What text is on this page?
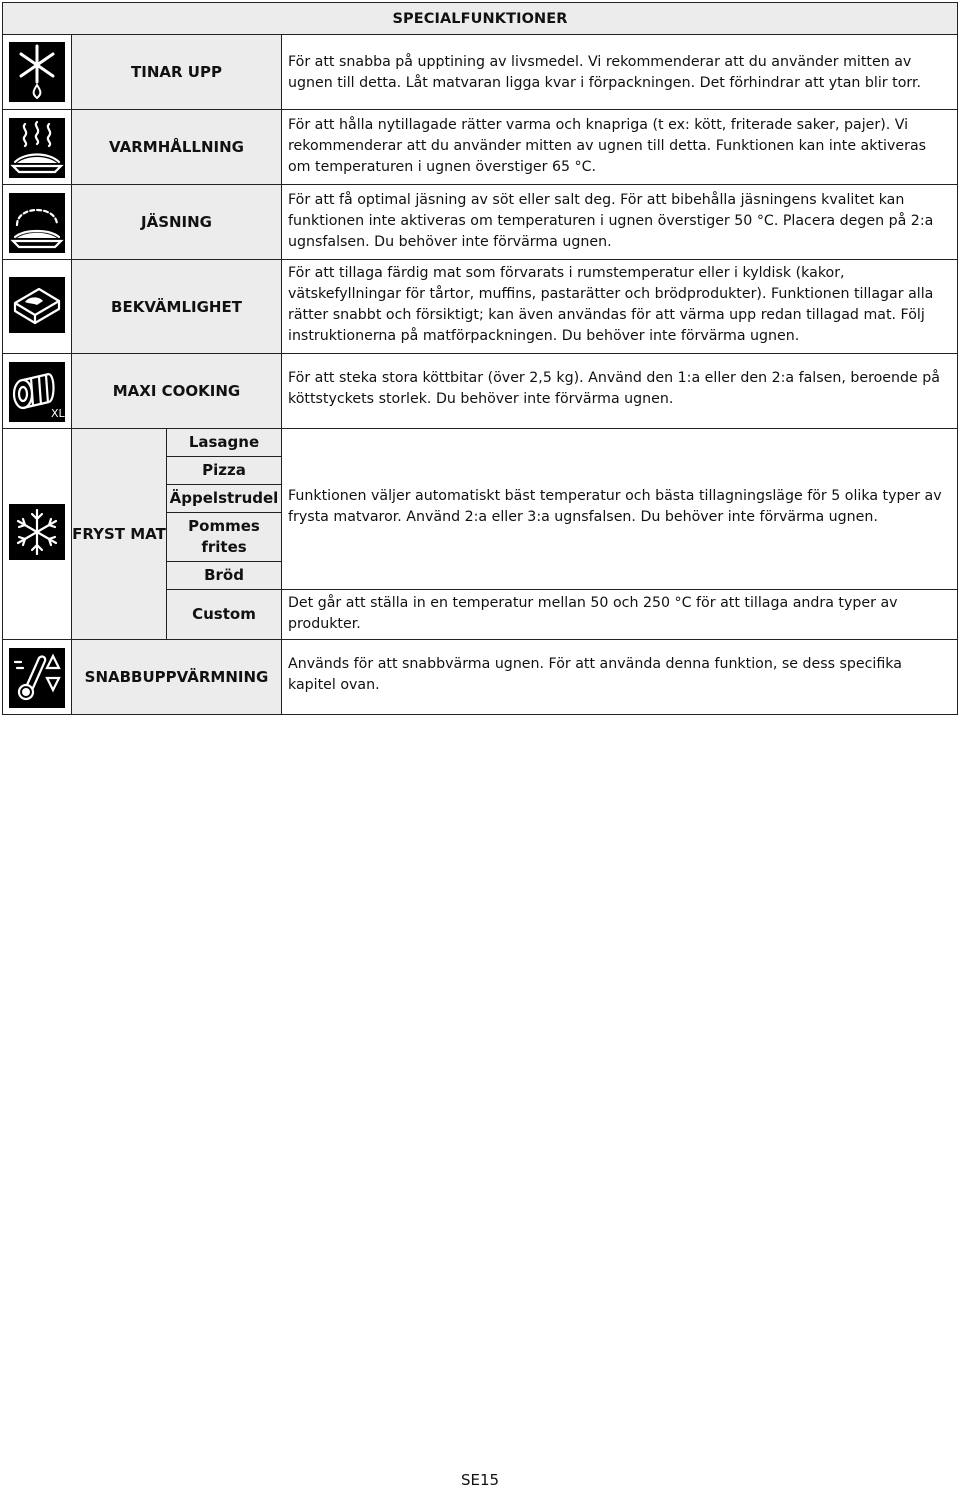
SPECIALFUNKTIONER
TINAR UPP
För att snabba på upptining av livsmedel. Vi rekommenderar att du använder mitten av ugnen till detta. Låt matvaran ligga kvar i förpackningen. Det förhindrar att ytan blir torr.
VARMHÅLLNING
För att hålla nytillagade rätter varma och knapriga (t ex: kött, friterade saker, pajer). Vi rekommenderar att du använder mitten av ugnen till detta. Funktionen kan inte aktiveras om temperaturen i ugnen överstiger 65 °C.
JÄSNING
För att få optimal jäsning av söt eller salt deg. För att bibehålla jäsningens kvalitet kan funktionen inte aktiveras om temperaturen i ugnen överstiger 50 °C. Placera degen på 2:a ugnsfalsen. Du behöver inte förvärma ugnen.
BEKVÄMLIGHET
För att tillaga färdig mat som förvarats i rumstemperatur eller i kyldisk (kakor, vätskefyllningar för tårtor, muffins, pastarätter och brödprodukter). Funktionen tillagar alla rätter snabbt och försiktigt; kan även användas för att värma upp redan tillagad mat. Följ instruktionerna på matförpackningen. Du behöver inte förvärma ugnen.
XL
MAXI COOKING
För att steka stora köttbitar (över 2,5 kg). Använd den 1:a eller den 2:a falsen, beroende på köttstyckets storlek. Du behöver inte förvärma ugnen.
FRYST MAT
Lasagne
Pizza
Äppelstrudel
Pommes frites
Bröd
Custom
Funktionen väljer automatiskt bäst temperatur och bästa tillagningsläge för 5 olika typer av frysta matvaror. Använd 2:a eller 3:a ugnsfalsen. Du behöver inte förvärma ugnen.
Det går att ställa in en temperatur mellan 50 och 250 °C för att tillaga andra typer av produkter.
SNABBUPPVÄRMNING
Används för att snabbvärma ugnen. För att använda denna funktion, se dess specifika kapitel ovan.
SE15
